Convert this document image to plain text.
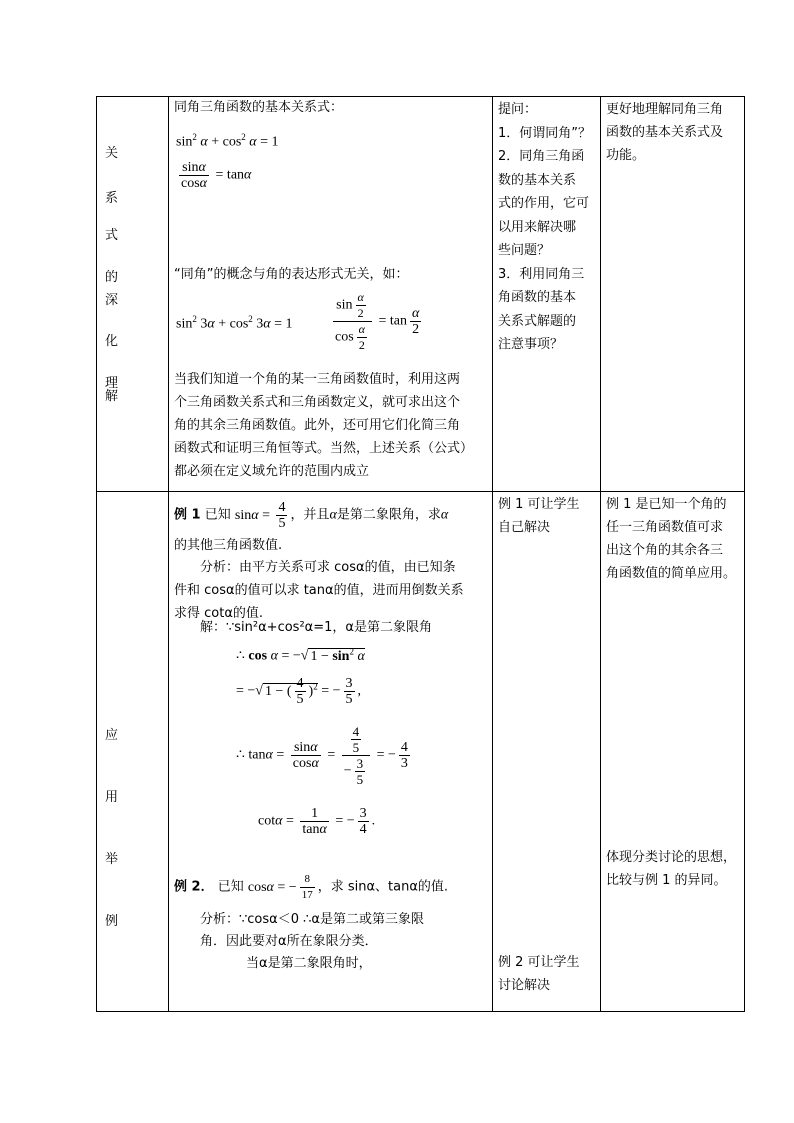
关
系
式
的
深
化
理
解
同角三角函数的基本关系式：
$\sin^2 \alpha + \cos^2 \alpha = 1$
$\frac{\sin\alpha}{\cos\alpha} = \tan\alpha$
“同角”的概念与角的表达形式无关，如：
$\sin^2 3\alpha + \cos^2 3\alpha = 1$	$\frac{\sin \frac{\alpha}{2}}{\cos \frac{\alpha}{2}} = \tan \frac{\alpha}{2}$
当我们知道一个角的某一三角函数值时，利用这两
个三角函数关系式和三角函数定义，就可求出这个
角的其余三角函数值。此外，还可用它们化简三角
函数式和证明三角恒等式。当然，上述关系（公式）
都必须在定义域允许的范围内成立
提问：
1．何谓同角”？
2．同角三角函
数的基本关系
式的作用，它可
以用来解决哪
些问题？
3．利用同角三
角函数的基本
关系式解题的
注意事项？
更好地理解同角三角
函数的基本关系式及
功能。
应
用
举
例
例 1 已知 $\sin\alpha = \frac{4}{5}$ ，并且α是第二象限角，求α
的其他三角函数值.
分析：由平方关系可求 cosα的值，由已知条
件和 cosα的值可以求 tanα的值，进而用倒数关系
求得 cotα的值.
解：∵sin²α+cos²α=1，α是第二象限角
∴ cos α = −√ $1 - \sin^2 \alpha$
= −√ 1 − ( $\frac{4}{5} )^2$ = − $\frac{3}{5}$ ,
∴ $\tan\alpha = \frac{\sin\alpha}{\cos\alpha} = \frac{\frac{4}{5}}{- \frac{3}{5}}$ = − $\frac{4}{3}$
$\cot\alpha = \frac{1}{\tan\alpha}$ = − $\frac{3}{4}$ .
例 2． 已知 cosα = − $\frac{8}{17}$ ，求 sinα、tanα的值.
分析：∵cosα＜0 ∴α是第二或第三象限
角．因此要对α所在象限分类．
当α是第二象限角时，
例 1 可让学生
自己解决
例 2 可让学生
讨论解决
例 1 是已知一个角的
任一三角函数值可求
出这个角的其余各三
角函数值的简单应用。
体现分类讨论的思想，
比较与例 1 的异同。
